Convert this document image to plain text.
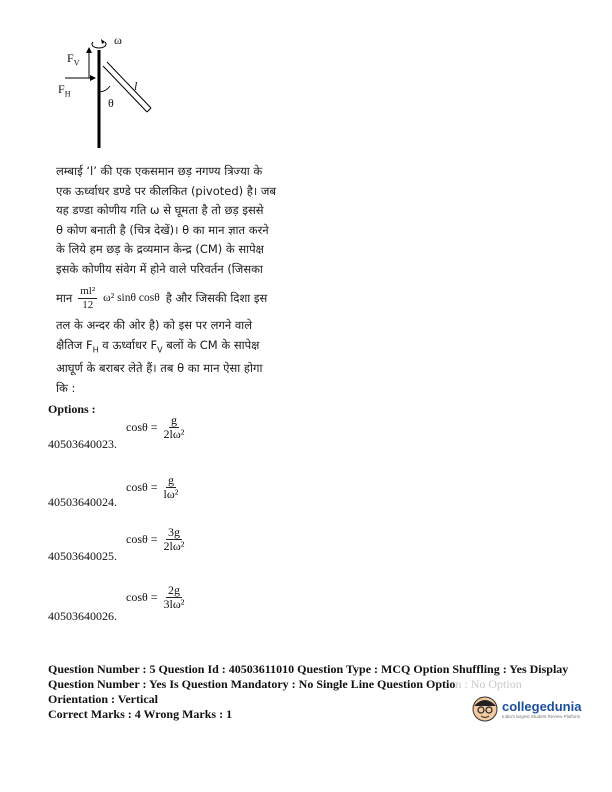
ω
$F_V$
$F_H$
l
θ

लम्बाई ‘l’ की एक एकसमान छड़ नगण्य त्रिज्या के

एक ऊर्ध्वाधर डण्डे पर कीलकित (pivoted) है। जब

यह डण्डा कोणीय गति ω से घूमता है तो छड़ इससे

θ कोण बनाती है (चित्र देखें)। θ का मान ज्ञात करने

के लिये हम छड़ के द्रव्यमान केन्द्र (CM) के सापेक्ष

इसके कोणीय संवेग में होने वाले परिवर्तन (जिसका

मान $\frac{\text{ml²}}{12} \omega^2$ sinθ cosθ है और जिसकी दिशा इस

तल के अन्दर की ओर है) को इस पर लगने वाले

क्षैतिज $F_H$ व ऊर्ध्वाधर $F_V$ बलों के CM के सापेक्ष

आघूर्ण के बराबर लेते हैं। तब θ का मान ऐसा होगा

कि :

Options :
$\cos\theta = \frac{g}{\text{2lω²}}$
40503640023.
$\cos\theta = \frac{g}{\text{lω²}}$
40503640024.
$\cos\theta = \frac{3g}{\text{2lω²}}$
40503640025.
$\cos\theta = \frac{2g}{\text{3lω²}}$
40503640026.
Question Number : 5 Question Id : 40503611010 Question Type : MCQ Option Shuffling : Yes Display
Question Number : Yes Is Question Mandatory : No Single Line Question Option : No Option
Orientation : Vertical
Correct Marks : 4 Wrong Marks : 1	collegedunia
India's largest Student Review Platform
